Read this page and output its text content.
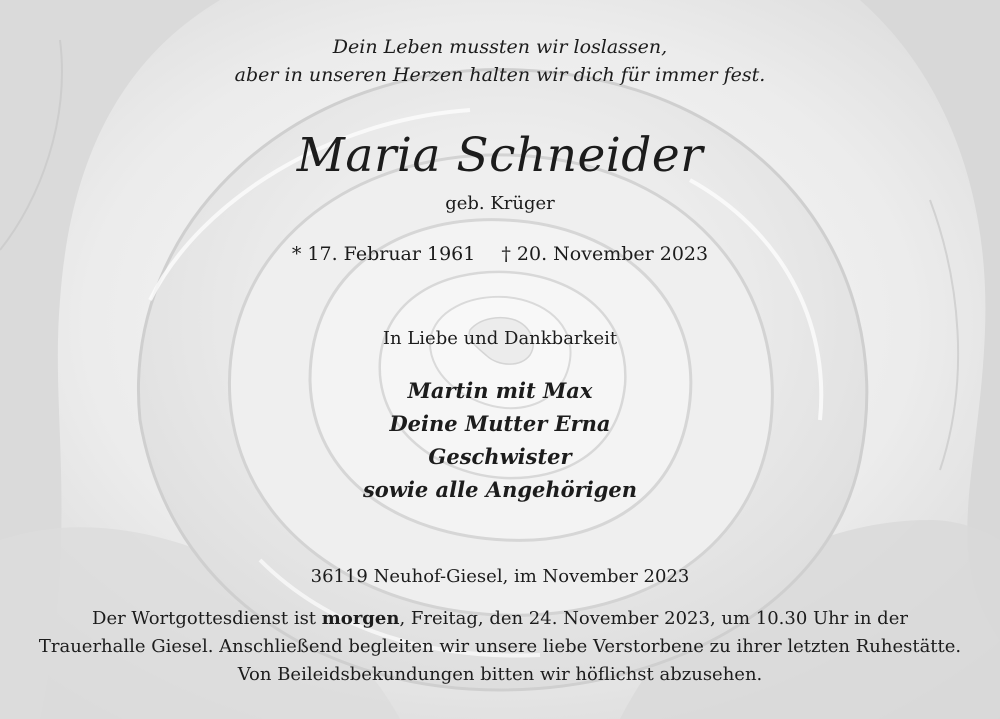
Dein Leben mussten wir loslassen,
aber in unseren Herzen halten wir dich für immer fest.
Maria Schneider
geb. Krüger
* 17. Februar 1961 † 20. November 2023
In Liebe und Dankbarkeit
Martin mit Max
Deine Mutter Erna
Geschwister
sowie alle Angehörigen
36119 Neuhof-Giesel, im November 2023
Der Wortgottesdienst ist morgen, Freitag, den 24. November 2023, um 10.30 Uhr in der
Trauerhalle Giesel. Anschließend begleiten wir unsere liebe Verstorbene zu ihrer letzten Ruhestätte.
Von Beileidsbekundungen bitten wir höflichst abzusehen.
